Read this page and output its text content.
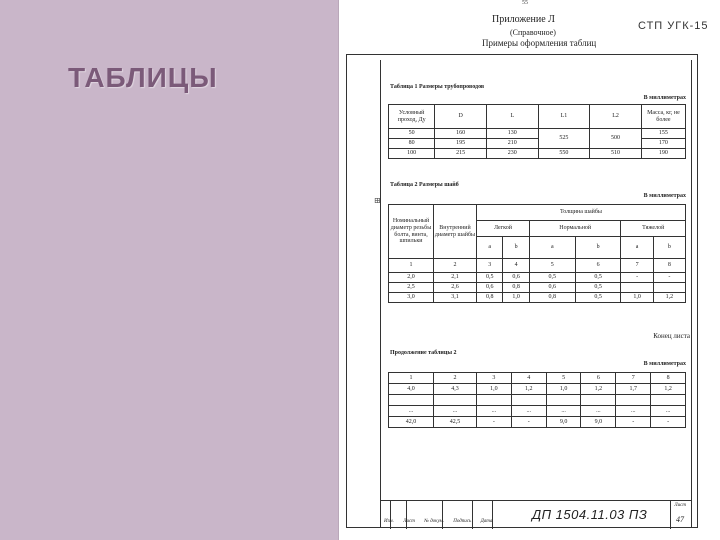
ТАБЛИЦЫ
55
Приложение Л
(Справочное)
Примеры оформления таблиц
СТП УГК-15
Таблица 1 Размеры трубопроводов
В миллиметрах
Условный проход, Ду	D	L	L1	L2	Масса, кг, не более
50	160	130	525	500	155
80	195	210			170
100	215	230	550	510	190
⊞
Таблица 2 Размеры шайб
В миллиметрах
Номинальный диаметр резьбы болта, винта, шпильки	Внутренний диаметр шайбы	Толщина шайбы					
		Легкой		Нормальной		Тяжелой	
		a	b	a	b	a	b
1	2	3	4	5	6	7	8
2,0	2,1	0,5	0,6	0,5	0,5	-	-
2,5	2,6	0,6	0,8	0,6	0,5		
3,0	3,1	0,8	1,0	0,8	0,5	1,0	1,2
Конец листа
Продолжение таблицы 2
В миллиметрах
1	2	3	4	5	6	7	8
4,0	4,3	1,0	1,2	1,0	1,2	1,7	1,2

...	...	...	...	...	...	...	...
42,0	42,5	-	-	9,0	9,0	-	-
Изм. Лист № докум. Подпись Дата	ДП 1504.11.03 ПЗ
Лист
47
